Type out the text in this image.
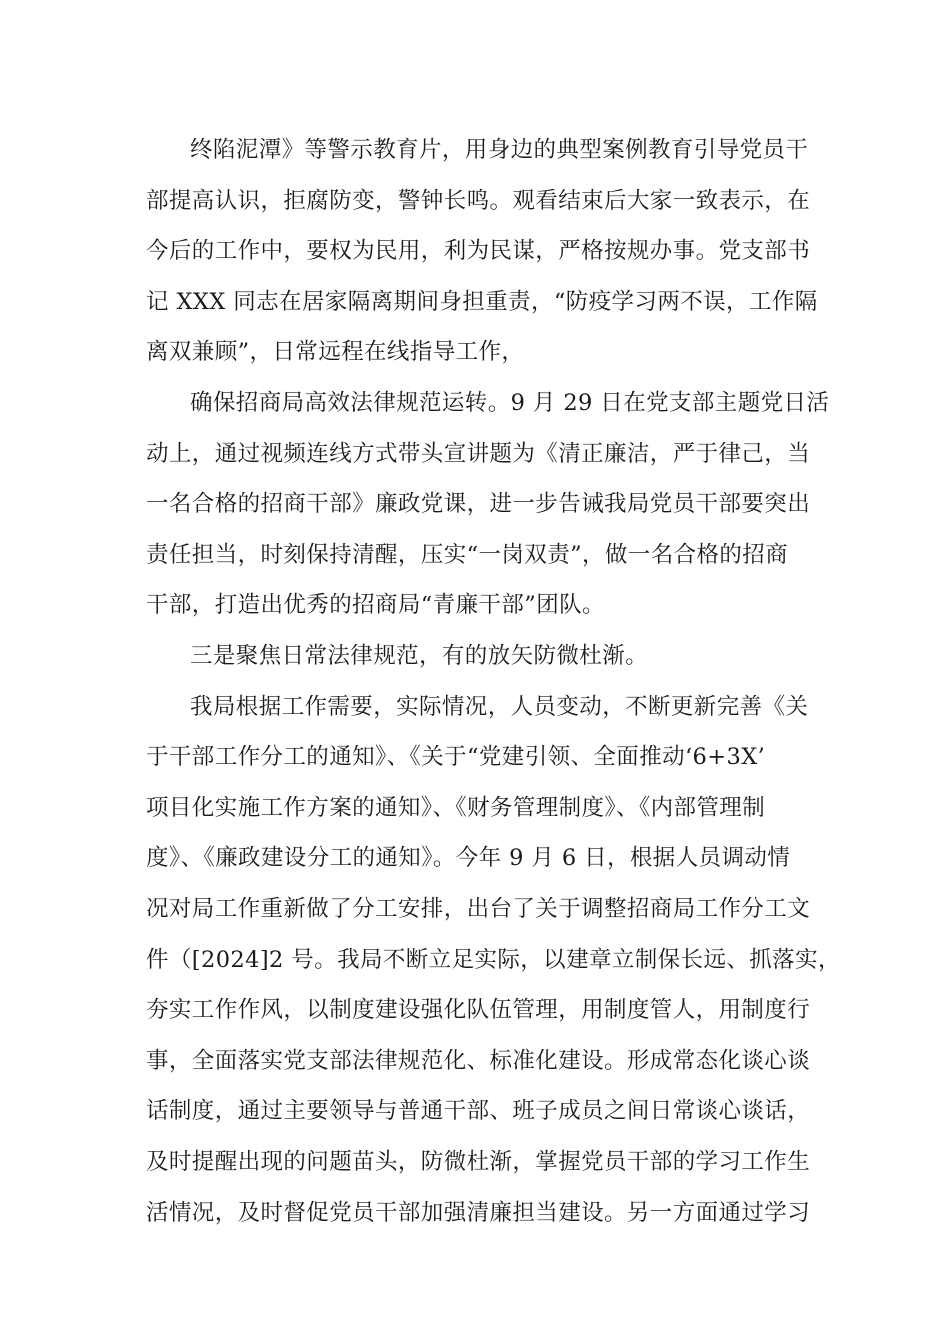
终陷泥潭》等警示教育片，用身边的典型案例教育引导党员干
部提高认识，拒腐防变，警钟长鸣。观看结束后大家一致表示，在
今后的工作中，要权为民用，利为民谋，严格按规办事。党支部书
记 XXX 同志在居家隔离期间身担重责，“防疫学习两不误，工作隔
离双兼顾”，日常远程在线指导工作，
确保招商局高效法律规范运转。9 月 29 日在党支部主题党日活
动上，通过视频连线方式带头宣讲题为《清正廉洁，严于律己，当
一名合格的招商干部》廉政党课，进一步告诫我局党员干部要突出
责任担当，时刻保持清醒，压实“一岗双责”，做一名合格的招商
干部，打造出优秀的招商局“青廉干部”团队。
三是聚焦日常法律规范，有的放矢防微杜渐。
我局根据工作需要，实际情况，人员变动，不断更新完善《关
于干部工作分工的通知》、《关于“党建引领、全面推动‘6+3X’
项目化实施工作方案的通知》、《财务管理制度》、《内部管理制
度》、《廉政建设分工的通知》。今年 9 月 6 日，根据人员调动情
况对局工作重新做了分工安排，出台了关于调整招商局工作分工文
件（[2024]2 号。我局不断立足实际，以建章立制保长远、抓落实，
夯实工作作风，以制度建设强化队伍管理，用制度管人，用制度行
事，全面落实党支部法律规范化、标准化建设。形成常态化谈心谈
话制度，通过主要领导与普通干部、班子成员之间日常谈心谈话，
及时提醒出现的问题苗头，防微杜渐，掌握党员干部的学习工作生
活情况，及时督促党员干部加强清廉担当建设。另一方面通过学习
